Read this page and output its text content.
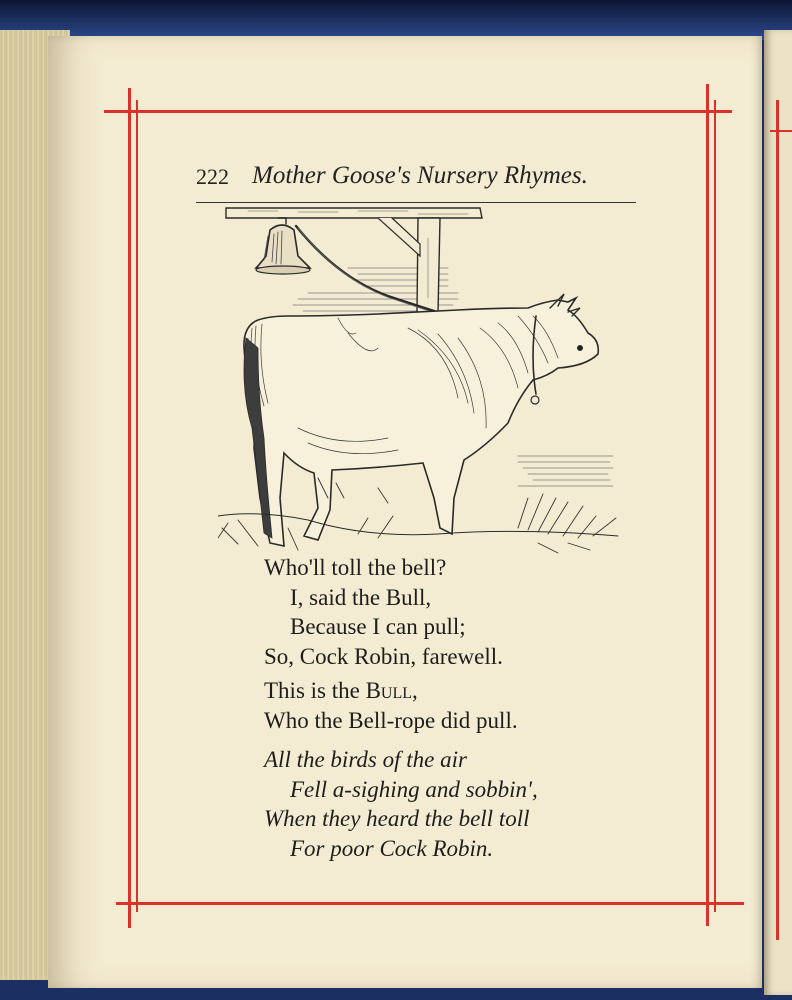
222 Mother Goose's Nursery Rhymes.
Who'll toll the bell?
I, said the Bull,
Because I can pull;
So, Cock Robin, farewell.
This is the Bull,
Who the Bell-rope did pull.
All the birds of the air
Fell a-sighing and sobbin',
When they heard the bell toll
For poor Cock Robin.
